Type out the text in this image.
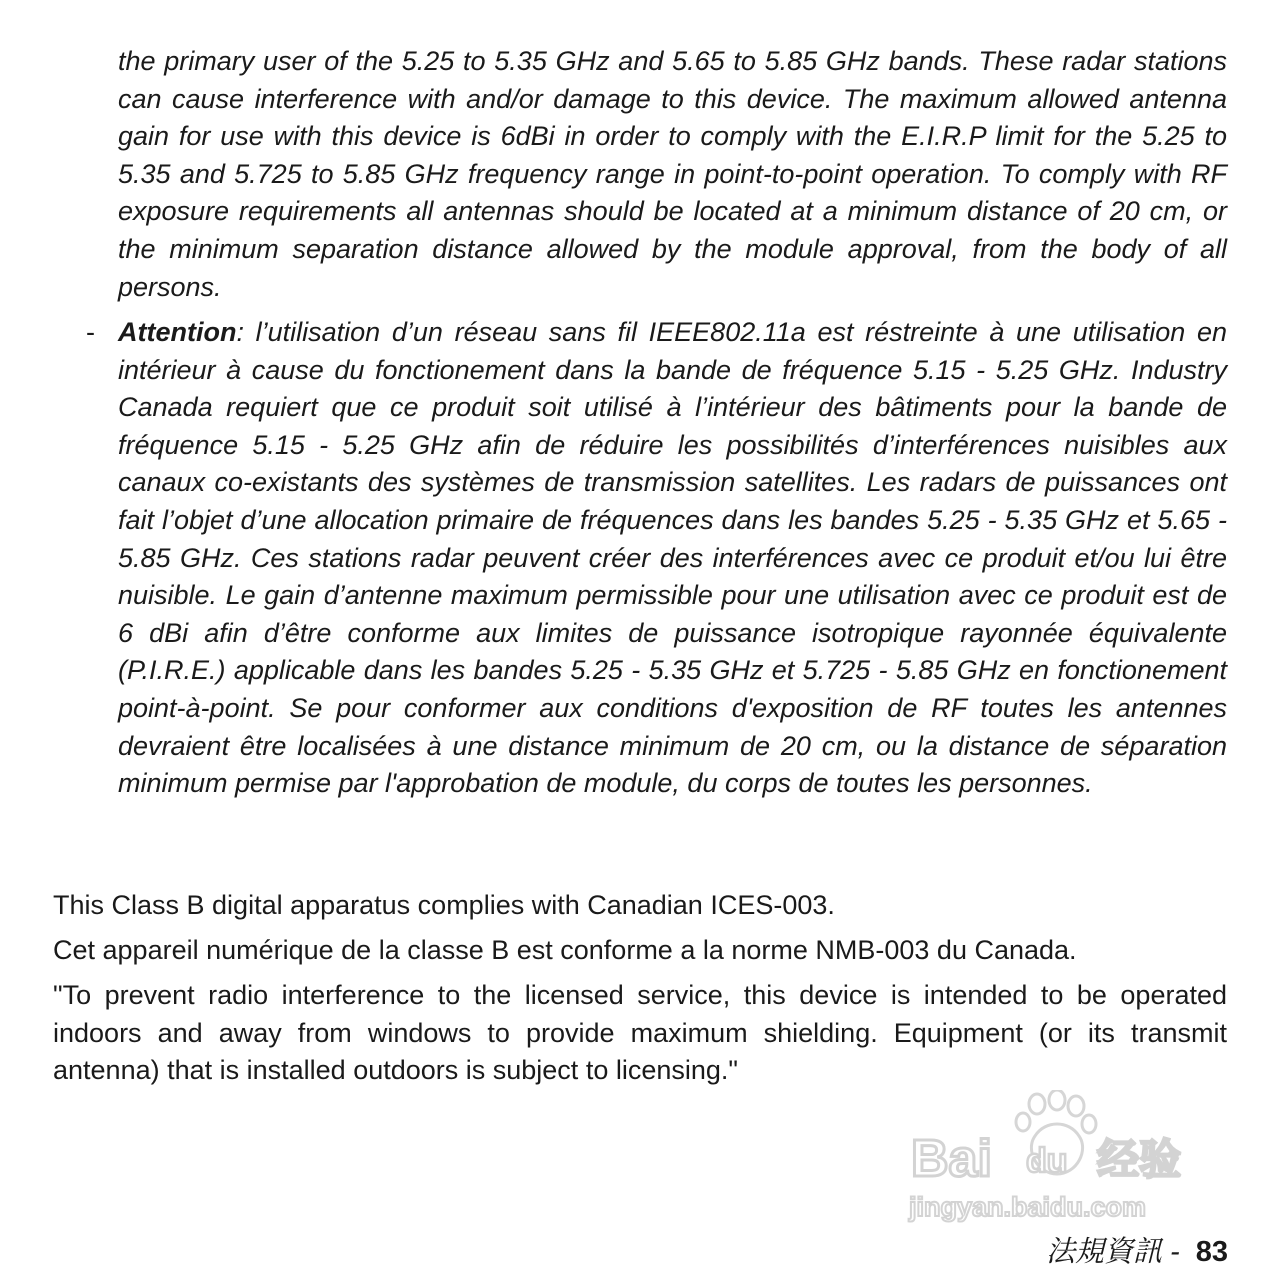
the primary user of the 5.25 to 5.35 GHz and 5.65 to 5.85 GHz bands. These radar stations can cause interference with and/or damage to this device. The maximum allowed antenna gain for use with this device is 6dBi in order to comply with the E.I.R.P limit for the 5.25 to 5.35 and 5.725 to 5.85 GHz frequency range in point-to-point operation. To comply with RF exposure requirements all antennas should be located at a minimum distance of 20 cm, or the minimum separation distance allowed by the module approval, from the body of all persons.

- Attention: l’utilisation d’un réseau sans fil IEEE802.11a est réstreinte à une utilisation en intérieur à cause du fonctionement dans la bande de fréquence 5.15 - 5.25 GHz. Industry Canada requiert que ce produit soit utilisé à l’intérieur des bâtiments pour la bande de fréquence 5.15 - 5.25 GHz afin de réduire les possibilités d’interférences nuisibles aux canaux co-existants des systèmes de transmission satellites. Les radars de puissances ont fait l’objet d’une allocation primaire de fréquences dans les bandes 5.25 - 5.35 GHz et 5.65 - 5.85 GHz. Ces stations radar peuvent créer des interférences avec ce produit et/ou lui être nuisible. Le gain d’antenne maximum permissible pour une utilisation avec ce produit est de 6 dBi afin d’être conforme aux limites de puissance isotropique rayonnée équivalente (P.I.R.E.) applicable dans les bandes 5.25 - 5.35 GHz et 5.725 - 5.85 GHz en fonctionement point-à-point. Se pour conformer aux conditions d'exposition de RF toutes les antennes devraient être localisées à une distance minimum de 20 cm, ou la distance de séparation minimum permise par l'approbation de module, du corps de toutes les personnes.

This Class B digital apparatus complies with Canadian ICES-003.

Cet appareil numérique de la classe B est conforme a la norme NMB-003 du Canada.

"To prevent radio interference to the licensed service, this device is intended to be operated indoors and away from windows to provide maximum shielding. Equipment (or its transmit antenna) that is installed outdoors is subject to licensing."

Bai du 经验
jingyan.baidu.com
法規資訊 - 83
